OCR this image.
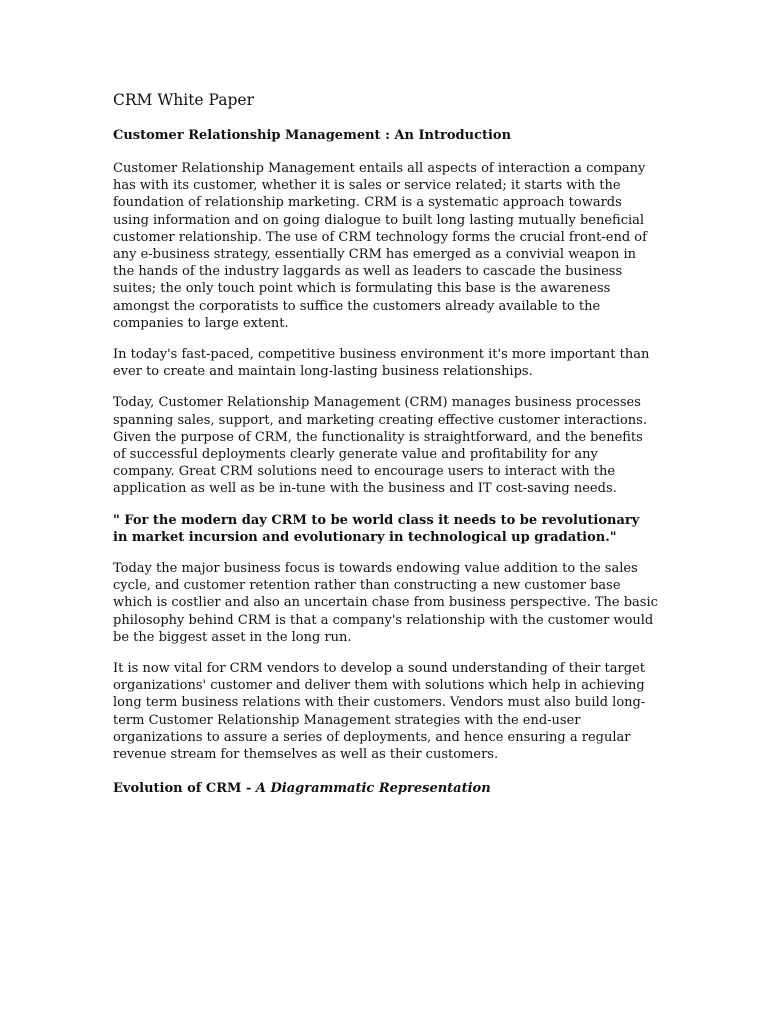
CRM White Paper
Customer Relationship Management : An Introduction

Customer Relationship Management entails all aspects of interaction a company has with its customer, whether it is sales or service related; it starts with the foundation of relationship marketing. CRM is a systematic approach towards using information and on going dialogue to built long lasting mutually beneficial customer relationship. The use of CRM technology forms the crucial front-end of any e-business strategy, essentially CRM has emerged as a convivial weapon in the hands of the industry laggards as well as leaders to cascade the business suites; the only touch point which is formulating this base is the awareness amongst the corporatists to suffice the customers already available to the companies to large extent.

In today's fast-paced, competitive business environment it's more important than ever to create and maintain long-lasting business relationships.

Today, Customer Relationship Management (CRM) manages business processes spanning sales, support, and marketing creating effective customer interactions. Given the purpose of CRM, the functionality is straightforward, and the benefits of successful deployments clearly generate value and profitability for any company. Great CRM solutions need to encourage users to interact with the application as well as be in-tune with the business and IT cost-saving needs.

" For the modern day CRM to be world class it needs to be revolutionary in market incursion and evolutionary in technological up gradation."

Today the major business focus is towards endowing value addition to the sales cycle, and customer retention rather than constructing a new customer base which is costlier and also an uncertain chase from business perspective. The basic philosophy behind CRM is that a company's relationship with the customer would be the biggest asset in the long run.

It is now vital for CRM vendors to develop a sound understanding of their target organizations' customer and deliver them with solutions which help in achieving long term business relations with their customers. Vendors must also build long-term Customer Relationship Management strategies with the end-user organizations to assure a series of deployments, and hence ensuring a regular revenue stream for themselves as well as their customers.

Evolution of CRM - A Diagrammatic Representation
